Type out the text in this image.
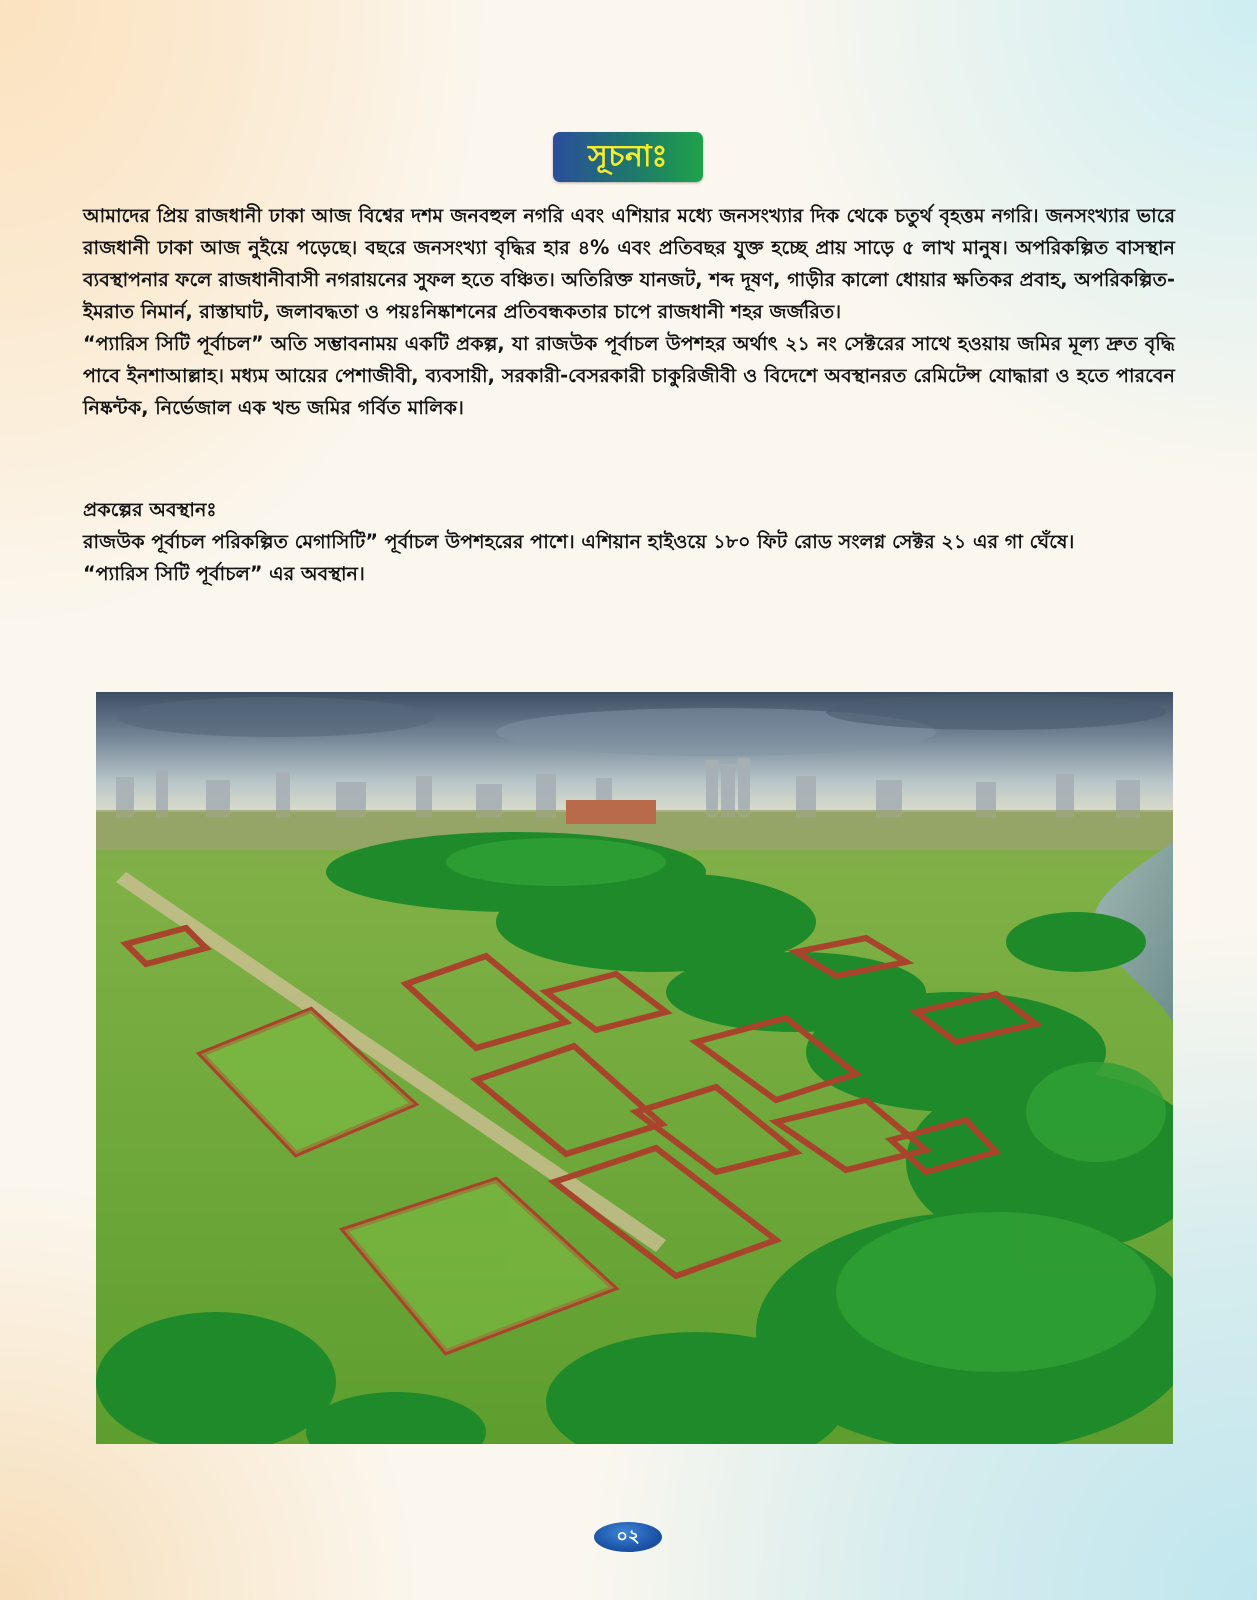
সূচনাঃ

আমাদের প্রিয় রাজধানী ঢাকা আজ বিশ্বের দশম জনবহুল নগরি এবং এশিয়ার মধ্যে জনসংখ্যার দিক থেকে চতুর্থ বৃহত্তম নগরি। জনসংখ্যার ভারে রাজধানী ঢাকা আজ নুইয়ে পড়েছে। বছরে জনসংখ্যা বৃদ্ধির হার ৪% এবং প্রতিবছর যুক্ত হচ্ছে প্রায় সাড়ে ৫ লাখ মানুষ। অপরিকল্পিত বাসস্থান ব্যবস্থাপনার ফলে রাজধানীবাসী নগরায়নের সুফল হতে বঞ্চিত। অতিরিক্ত যানজট, শব্দ দূষণ, গাড়ীর কালো ধোয়ার ক্ষতিকর প্রবাহ, অপরিকল্পিত-ইমরাত নিমার্ন, রাস্তাঘাট, জলাবদ্ধতা ও পয়ঃনিষ্কাশনের প্রতিবন্ধকতার চাপে রাজধানী শহর জর্জরিত।

“প্যারিস সিটি পূর্বাচল” অতি সম্ভাবনাময় একটি প্রকল্প, যা রাজউক পূর্বাচল উপশহর অর্থাৎ ২১ নং সেক্টরের সাথে হওয়ায় জমির মূল্য দ্রুত বৃদ্ধি পাবে ইনশাআল্লাহ। মধ্যম আয়ের পেশাজীবী, ব্যবসায়ী, সরকারী-বেসরকারী চাকুরিজীবী ও বিদেশে অবস্থানরত রেমিটেন্স যোদ্ধারা ও হতে পারবেন নিষ্কন্টক, নির্ভেজাল এক খন্ড জমির গর্বিত মালিক।

প্রকল্পের অবস্থানঃ

রাজউক পূর্বাচল পরিকল্পিত মেগাসিটি” পূর্বাচল উপশহরের পাশে। এশিয়ান হাইওয়ে ১৮০ ফিট রোড সংলগ্ন সেক্টর ২১ এর গা ঘেঁষে।

“প্যারিস সিটি পূর্বাচল” এর অবস্থান।

০২
